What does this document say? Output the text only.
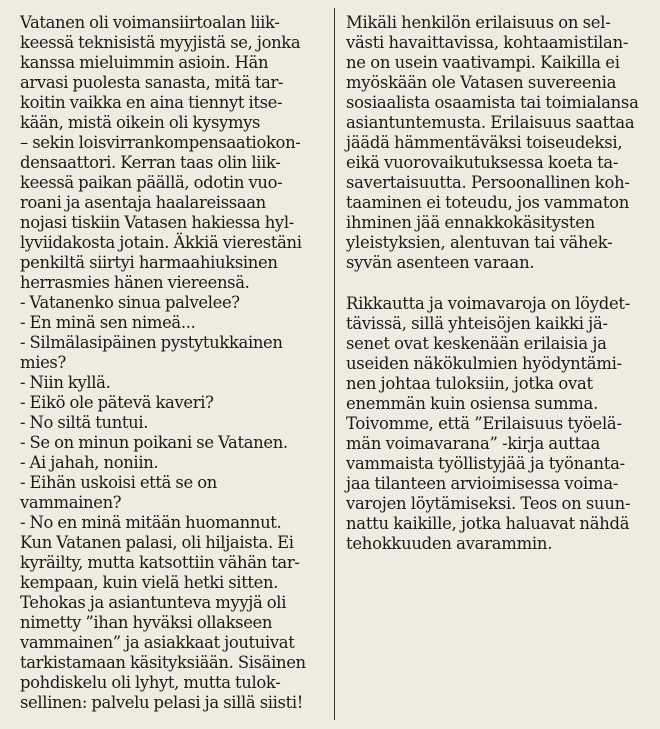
Vatanen oli voimansiirtoalan liik-
keessä teknisistä myyjistä se, jonka
kanssa mieluimmin asioin. Hän
arvasi puolesta sanasta, mitä tar-
koitin vaikka en aina tiennyt itse-
kään, mistä oikein oli kysymys
– sekin loisvirrankompensaatiokon-
densaattori. Kerran taas olin liik-
keessä paikan päällä, odotin vuo-
roani ja asentaja haalareissaan
nojasi tiskiin Vatasen hakiessa hyl-
lyviidakosta jotain. Äkkiä vierestäni
penkiltä siirtyi harmaahiuksinen
herrasmies hänen viereensä.
- Vatanenko sinua palvelee?
- En minä sen nimeä...
- Silmälasipäinen pystytukkainen
mies?
- Niin kyllä.
- Eikö ole pätevä kaveri?
- No siltä tuntui.
- Se on minun poikani se Vatanen.
- Ai jahah, noniin.
- Eihän uskoisi että se on
vammainen?
- No en minä mitään huomannut.
Kun Vatanen palasi, oli hiljaista. Ei
kyräilty, mutta katsottiin vähän tar-
kempaan, kuin vielä hetki sitten.
Tehokas ja asiantunteva myyjä oli
nimetty ”ihan hyväksi ollakseen
vammainen” ja asiakkaat joutuivat
tarkistamaan käsityksiään. Sisäinen
pohdiskelu oli lyhyt, mutta tulok-
sellinen: palvelu pelasi ja sillä siisti!
Mikäli henkilön erilaisuus on sel-
västi havaittavissa, kohtaamistilan-
ne on usein vaativampi. Kaikilla ei
myöskään ole Vatasen suvereenia
sosiaalista osaamista tai toimialansa
asiantuntemusta. Erilaisuus saattaa
jäädä hämmentäväksi toiseudeksi,
eikä vuorovaikutuksessa koeta ta-
savertaisuutta. Persoonallinen koh-
taaminen ei toteudu, jos vammaton
ihminen jää ennakkokäsitysten
yleistyksien, alentuvan tai vähek-
syvän asenteen varaan.
Rikkautta ja voimavaroja on löydet-
tävissä, sillä yhteisöjen kaikki jä-
senet ovat keskenään erilaisia ja
useiden näkökulmien hyödyntämi-
nen johtaa tuloksiin, jotka ovat
enemmän kuin osiensa summa.
Toivomme, että ”Erilaisuus työelä-
män voimavarana” -kirja auttaa
vammaista työllistyjää ja työnanta-
jaa tilanteen arvioimisessa voima-
varojen löytämiseksi. Teos on suun-
nattu kaikille, jotka haluavat nähdä
tehokkuuden avarammin.
